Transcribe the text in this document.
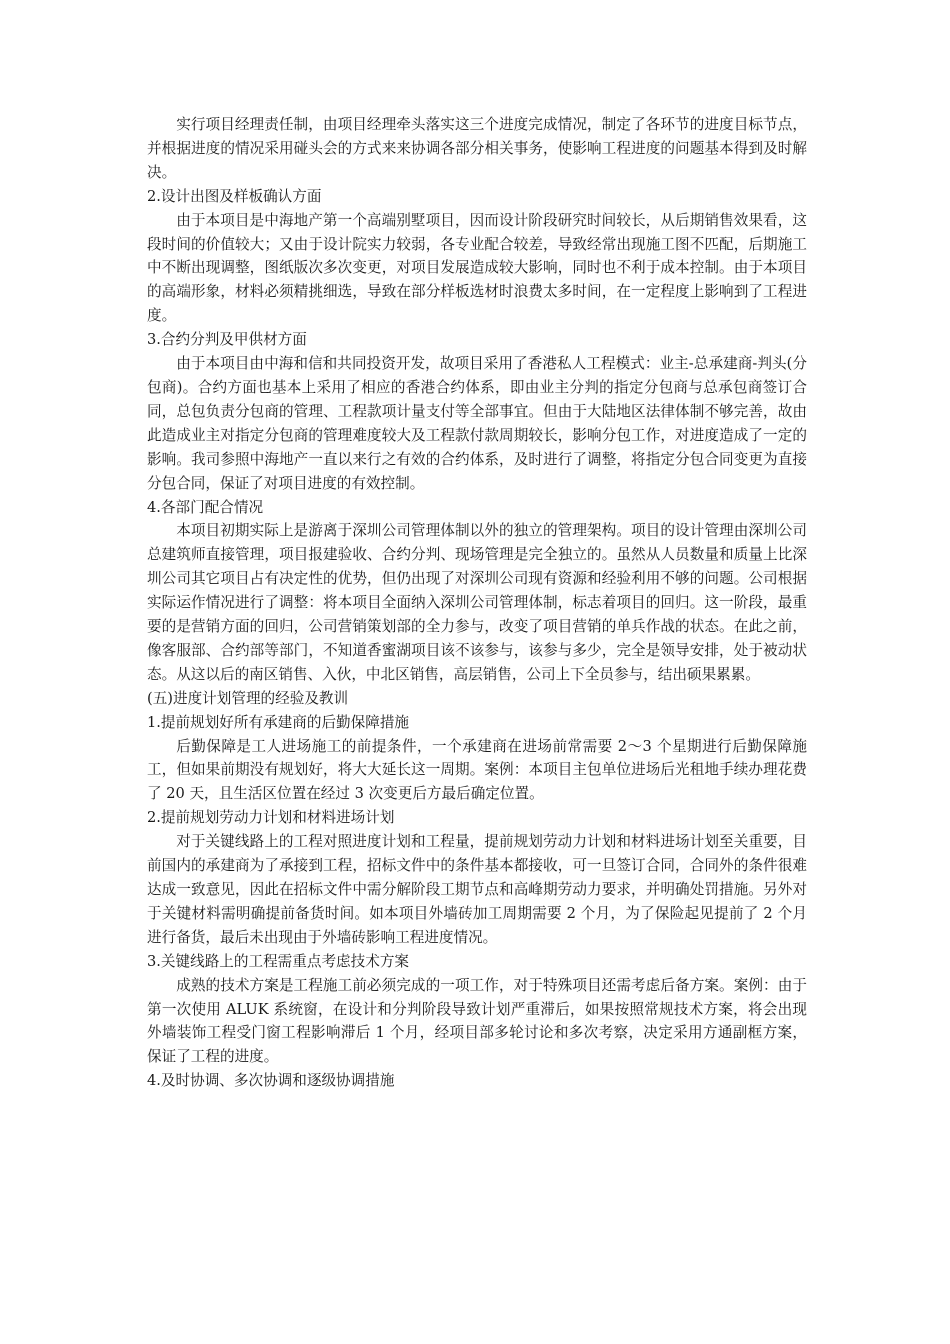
实行项目经理责任制，由项目经理牵头落实这三个进度完成情况，制定了各环节的进度目标节点，并根据进度的情况采用碰头会的方式来来协调各部分相关事务，使影响工程进度的问题基本得到及时解决。

2.设计出图及样板确认方面

由于本项目是中海地产第一个高端别墅项目，因而设计阶段研究时间较长，从后期销售效果看，这段时间的价值较大；又由于设计院实力较弱，各专业配合较差，导致经常出现施工图不匹配，后期施工中不断出现调整，图纸版次多次变更，对项目发展造成较大影响，同时也不利于成本控制。由于本项目的高端形象，材料必须精挑细选，导致在部分样板选材时浪费太多时间，在一定程度上影响到了工程进度。

3.合约分判及甲供材方面

由于本项目由中海和信和共同投资开发，故项目采用了香港私人工程模式：业主-总承建商-判头(分包商)。合约方面也基本上采用了相应的香港合约体系，即由业主分判的指定分包商与总承包商签订合同，总包负责分包商的管理、工程款项计量支付等全部事宜。但由于大陆地区法律体制不够完善，故由此造成业主对指定分包商的管理难度较大及工程款付款周期较长，影响分包工作，对进度造成了一定的影响。我司参照中海地产一直以来行之有效的合约体系，及时进行了调整，将指定分包合同变更为直接分包合同，保证了对项目进度的有效控制。

4.各部门配合情况

本项目初期实际上是游离于深圳公司管理体制以外的独立的管理架构。项目的设计管理由深圳公司总建筑师直接管理，项目报建验收、合约分判、现场管理是完全独立的。虽然从人员数量和质量上比深圳公司其它项目占有决定性的优势，但仍出现了对深圳公司现有资源和经验利用不够的问题。公司根据实际运作情况进行了调整：将本项目全面纳入深圳公司管理体制，标志着项目的回归。这一阶段，最重要的是营销方面的回归，公司营销策划部的全力参与，改变了项目营销的单兵作战的状态。在此之前，像客服部、合约部等部门，不知道香蜜湖项目该不该参与，该参与多少，完全是领导安排，处于被动状态。从这以后的南区销售、入伙，中北区销售，高层销售，公司上下全员参与，结出硕果累累。

(五)进度计划管理的经验及教训

1.提前规划好所有承建商的后勤保障措施

后勤保障是工人进场施工的前提条件，一个承建商在进场前常需要 2～3 个星期进行后勤保障施工，但如果前期没有规划好，将大大延长这一周期。案例：本项目主包单位进场后光租地手续办理花费了 20 天，且生活区位置在经过 3 次变更后方最后确定位置。

2.提前规划劳动力计划和材料进场计划

对于关键线路上的工程对照进度计划和工程量，提前规划劳动力计划和材料进场计划至关重要，目前国内的承建商为了承接到工程，招标文件中的条件基本都接收，可一旦签订合同，合同外的条件很难达成一致意见，因此在招标文件中需分解阶段工期节点和高峰期劳动力要求，并明确处罚措施。另外对于关键材料需明确提前备货时间。如本项目外墙砖加工周期需要 2 个月，为了保险起见提前了 2 个月进行备货，最后未出现由于外墙砖影响工程进度情况。

3.关键线路上的工程需重点考虑技术方案

成熟的技术方案是工程施工前必须完成的一项工作，对于特殊项目还需考虑后备方案。案例：由于第一次使用 ALUK 系统窗，在设计和分判阶段导致计划严重滞后，如果按照常规技术方案，将会出现外墙装饰工程受门窗工程影响滞后 1 个月，经项目部多轮讨论和多次考察，决定采用方通副框方案，保证了工程的进度。

4.及时协调、多次协调和逐级协调措施
